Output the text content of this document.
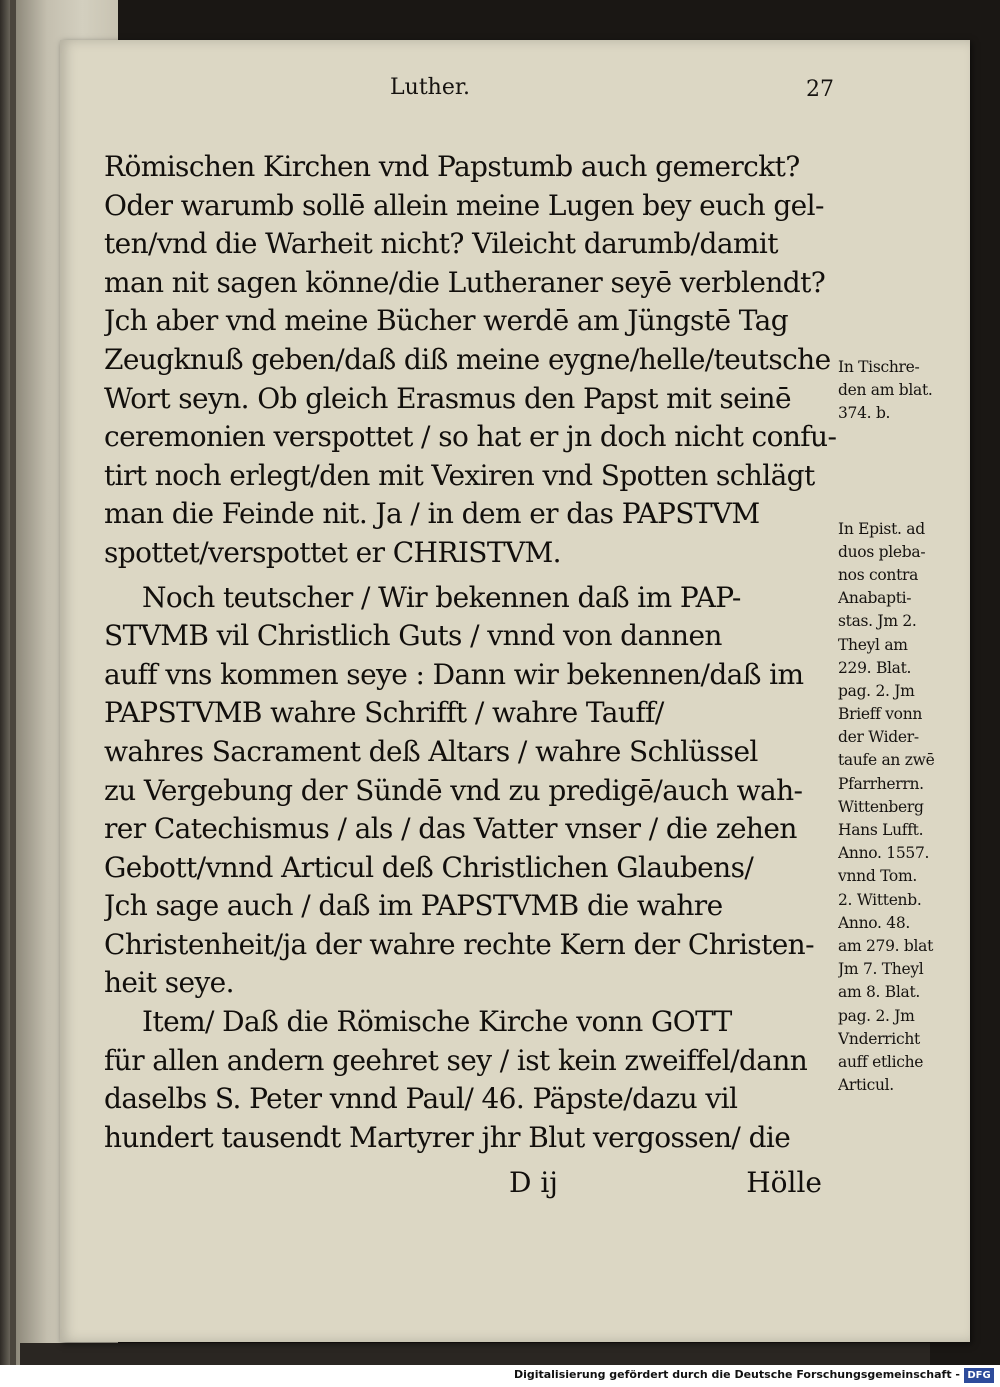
Luther.	27
Römischen Kirchen vnd Papstumb auch gemerckt?
Oder warumb sollē allein meine Lugen bey euch gel-
ten/vnd die Warheit nicht? Vileicht darumb/damit
man nit sagen könne/die Lutheraner seyē verblendt?
Jch aber vnd meine Bücher werdē am Jüngstē Tag
Zeugknuß geben/daß diß meine eygne/helle/teutsche
Wort seyn. Ob gleich Erasmus den Papst mit seinē
ceremonien verspottet / so hat er jn doch nicht confu-
tirt noch erlegt/den mit Vexiren vnd Spotten schlägt
man die Feinde nit. Ja / in dem er das PAPSTVM
spottet/verspottet er CHRISTVM.
Noch teutscher / Wir bekennen daß im PAP-
STVMB vil Christlich Guts / vnnd von dannen
auff vns kommen seye : Dann wir bekennen/daß im
PAPSTVMB wahre Schrifft / wahre Tauff/
wahres Sacrament deß Altars / wahre Schlüssel
zu Vergebung der Sündē vnd zu predigē/auch wah-
rer Catechismus / als / das Vatter vnser / die zehen
Gebott/vnnd Articul deß Christlichen Glaubens/
Jch sage auch / daß im PAPSTVMB die wahre
Christenheit/ja der wahre rechte Kern der Christen-
heit seye.
Item/ Daß die Römische Kirche vonn GOTT
für allen andern geehret sey / ist kein zweiffel/dann
daselbs S. Peter vnnd Paul/ 46. Päpste/dazu vil
hundert tausendt Martyrer jhr Blut vergossen/ die
In Tischre-
den am blat.
374. b.
In Epist. ad
duos pleba-
nos contra
Anabapti-
stas. Jm 2.
Theyl am
229. Blat.
pag. 2. Jm
Brieff vonn
der Wider-
taufe an zwē
Pfarrherrn.
Wittenberg
Hans Lufft.
Anno. 1557.
vnnd Tom.
2. Wittenb.
Anno. 48.
am 279. blat
Jm 7. Theyl
am 8. Blat.
pag. 2. Jm
Vnderricht
auff etliche
Articul.
D ij	Hölle
Digitalisierung gefördert durch die Deutsche Forschungsgemeinschaft - DFG
